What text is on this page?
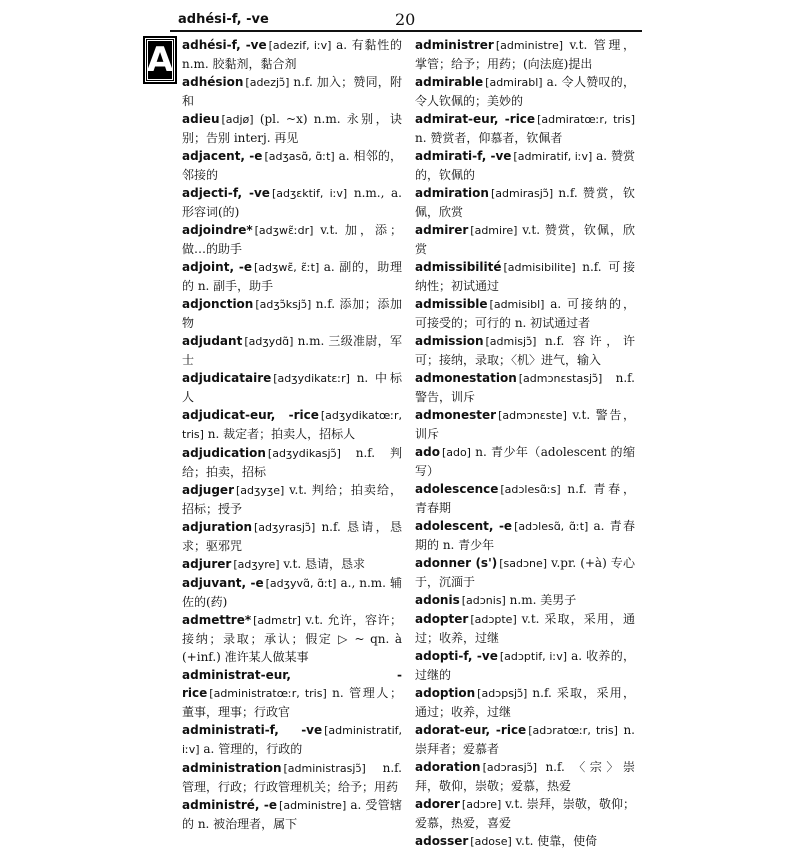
adhési-f, -ve	20
A adhési-f, -ve [adezif, iːv] a. 有黏性的 n.m. 胶黏剂，黏合剂
adhésion [adezjɔ̃] n.f. 加入；赞同，附和
adieu [adjø] (pl. ~x) n.m. 永别，诀别；告别 interj. 再见
adjacent, -e [adʒasɑ̃, ɑ̃ːt] a. 相邻的，邻接的
adjecti-f, -ve [adʒɛktif, iːv] n.m., a. 形容词(的)
adjoindre* [adʒwɛ̃ːdr] v.t. 加，添；做…的助手
adjoint, -e [adʒwɛ̃, ɛ̃ːt] a. 副的，助理的 n. 副手，助手
adjonction [adʒɔ̃ksjɔ̃] n.f. 添加；添加物
adjudant [adʒydɑ̃] n.m. 三级准尉，军士
adjudicataire [adʒydikatɛːr] n. 中标人
adjudicat-eur, -rice [adʒydikatœːr, tris] n. 裁定者；拍卖人，招标人
adjudication [adʒydikasjɔ̃] n.f. 判给；拍卖，招标
adjuger [adʒyʒe] v.t. 判给；拍卖给，招标；授予
adjuration [adʒyrasjɔ̃] n.f. 恳请，恳求；驱邪咒
adjurer [adʒyre] v.t. 恳请，恳求
adjuvant, -e [adʒyvɑ̃, ɑ̃ːt] a., n.m. 辅佐的(药)
admettre* [admɛtr] v.t. 允许，容许；接纳；录取；承认；假定 ▷ ~ qn. à (+inf.) 准许某人做某事
administrat-eur, -rice [administratœːr, tris] n. 管理人；董事，理事；行政官
administrati-f, -ve [administratif, iːv] a. 管理的，行政的
administration [administrasjɔ̃] n.f. 管理，行政；行政管理机关；给予；用药
administré, -e [administre] a. 受管辖的 n. 被治理者，属下
administrer [administre] v.t. 管理，掌管；给予；用药；(向法庭)提出
admirable [admirabl] a. 令人赞叹的，令人钦佩的；美妙的
admirat-eur, -rice [admiratœːr, tris] n. 赞赏者，仰慕者，钦佩者
admirati-f, -ve [admiratif, iːv] a. 赞赏的，钦佩的
admiration [admirasjɔ̃] n.f. 赞赏，钦佩，欣赏
admirer [admire] v.t. 赞赏，钦佩，欣赏
admissibilité [admisibilite] n.f. 可接纳性；初试通过
admissible [admisibl] a. 可接纳的，可接受的；可行的 n. 初试通过者
admission [admisjɔ̃] n.f. 容许，许可；接纳，录取；〈机〉进气，输入
admonestation [admɔnɛstasjɔ̃] n.f. 警告，训斥
admonester [admɔnɛste] v.t. 警告，训斥
ado [ado] n. 青少年（adolescent 的缩写）
adolescence [adɔlesɑ̃ːs] n.f. 青春，青春期
adolescent, -e [adɔlesɑ̃, ɑ̃ːt] a. 青春期的 n. 青少年
adonner (s') [sadɔne] v.pr. (+à) 专心于，沉湎于
adonis [adɔnis] n.m. 美男子
adopter [adɔpte] v.t. 采取，采用，通过；收养，过继
adopti-f, -ve [adɔptif, iːv] a. 收养的，过继的
adoption [adɔpsjɔ̃] n.f. 采取，采用，通过；收养，过继
adorat-eur, -rice [adɔratœːr, tris] n. 崇拜者；爱慕者
adoration [adɔrasjɔ̃] n.f. 〈宗〉崇拜，敬仰，崇敬；爱慕，热爱
adorer [adɔre] v.t. 崇拜，崇敬，敬仰；爱慕，热爱，喜爱
adosser [adose] v.t. 使靠，使倚
